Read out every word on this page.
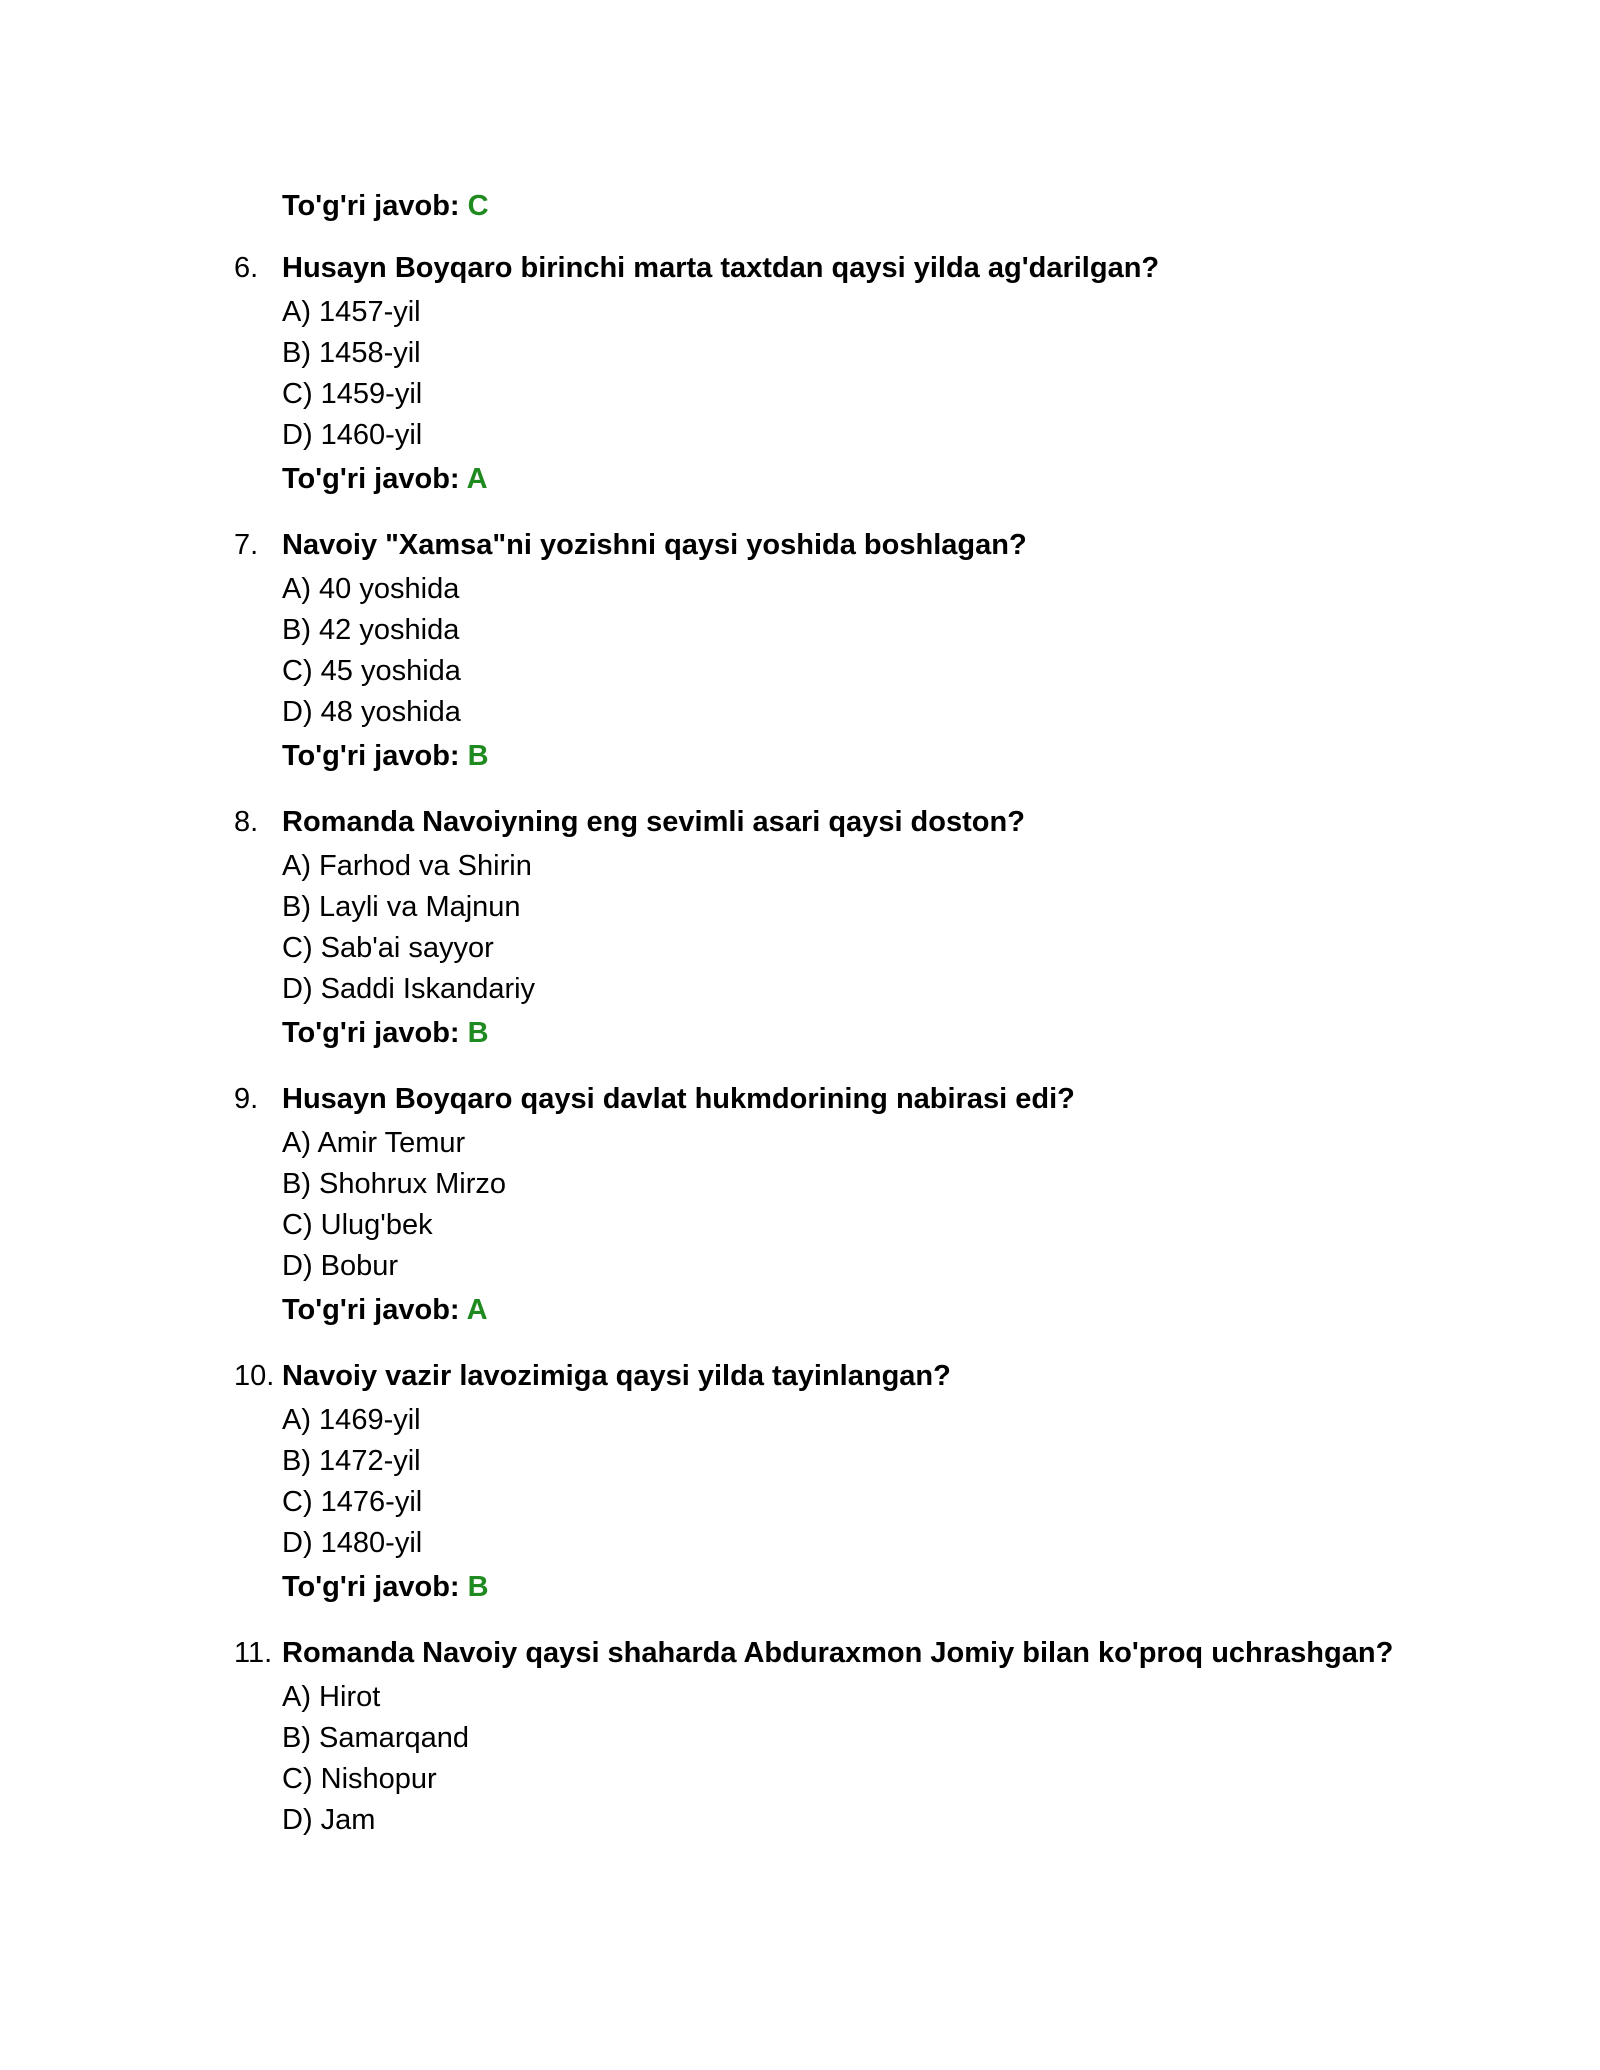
To'g'ri javob: C
6. Husayn Boyqaro birinchi marta taxtdan qaysi yilda ag'darilgan?
A) 1457-yil
B) 1458-yil
C) 1459-yil
D) 1460-yil
To'g'ri javob: A
7. Navoiy "Xamsa"ni yozishni qaysi yoshida boshlagan?
A) 40 yoshida
B) 42 yoshida
C) 45 yoshida
D) 48 yoshida
To'g'ri javob: B
8. Romanda Navoiyning eng sevimli asari qaysi doston?
A) Farhod va Shirin
B) Layli va Majnun
C) Sab'ai sayyor
D) Saddi Iskandariy
To'g'ri javob: B
9. Husayn Boyqaro qaysi davlat hukmdorining nabirasi edi?
A) Amir Temur
B) Shohrux Mirzo
C) Ulug'bek
D) Bobur
To'g'ri javob: A
10. Navoiy vazir lavozimiga qaysi yilda tayinlangan?
A) 1469-yil
B) 1472-yil
C) 1476-yil
D) 1480-yil
To'g'ri javob: B
11. Romanda Navoiy qaysi shaharda Abduraxmon Jomiy bilan ko'proq uchrashgan?
A) Hirot
B) Samarqand
C) Nishopur
D) Jam
